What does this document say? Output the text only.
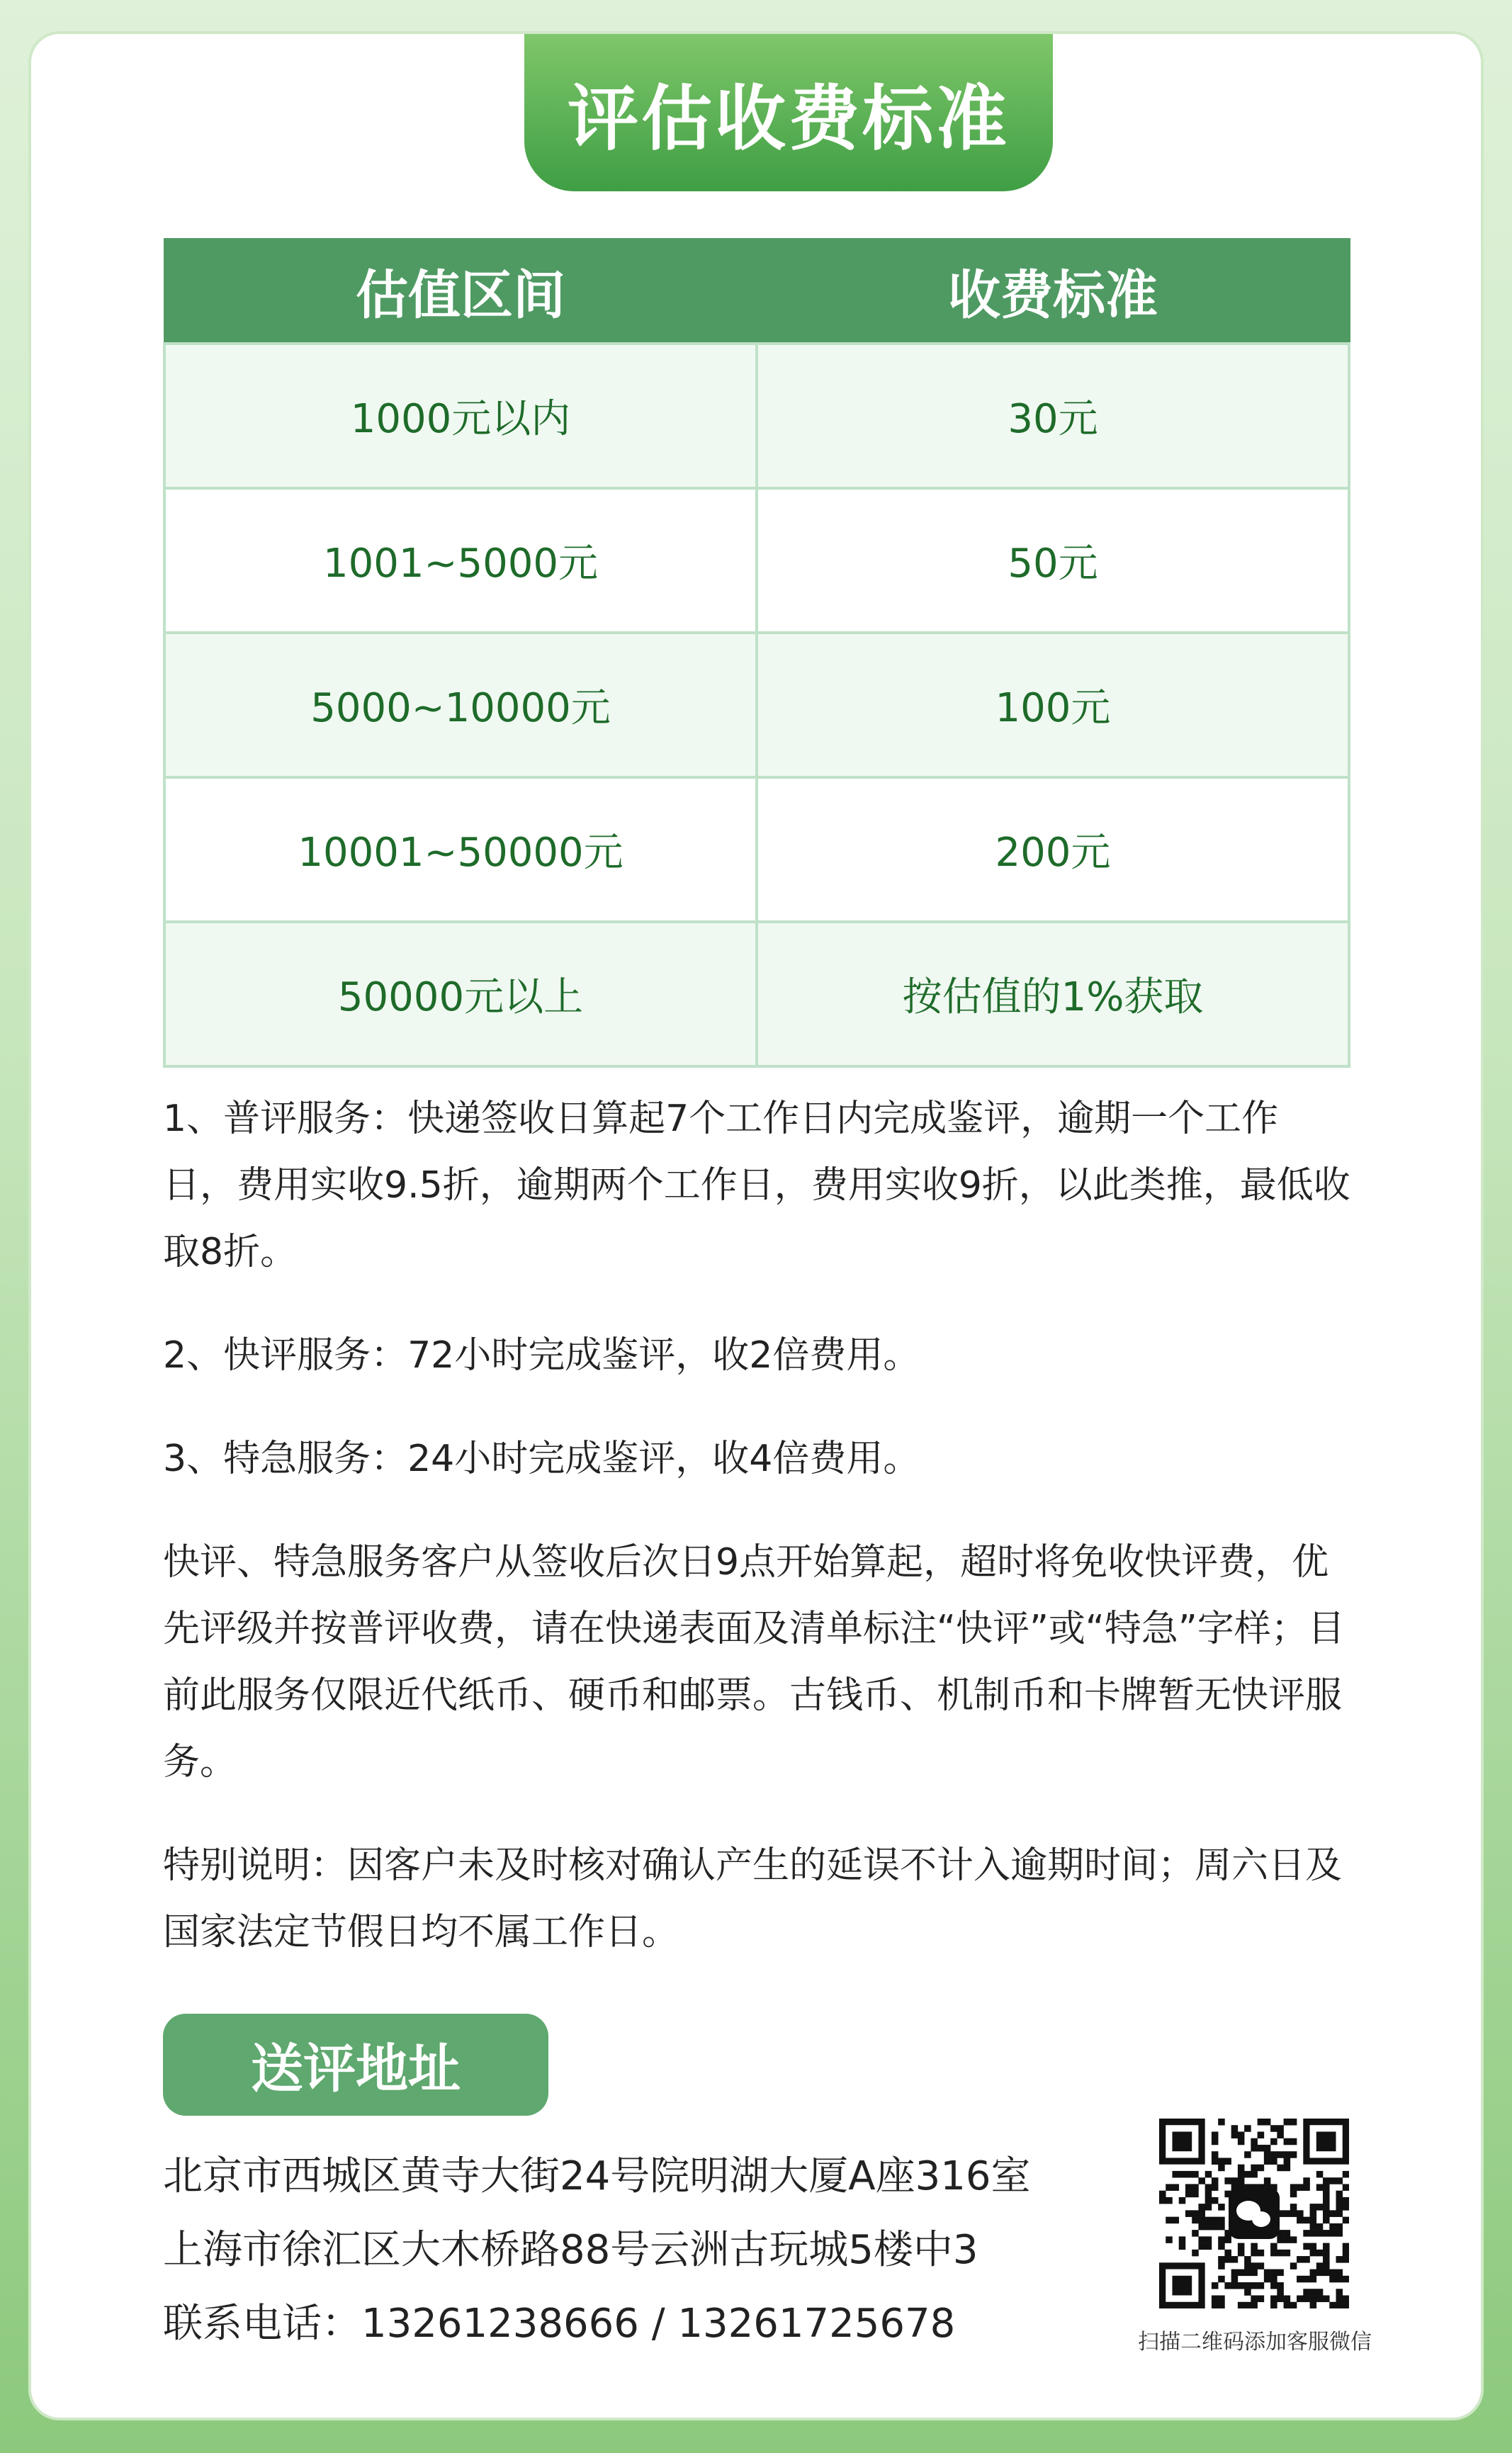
评估收费标准
估值区间	收费标准
1000元以内	30元
1001~5000元	50元
5000~10000元	100元
10001~50000元	200元
50000元以上	按估值的1%获取

1、普评服务：快递签收日算起7个工作日内完成鉴评，逾期一个工作日，费用实收9.5折，逾期两个工作日，费用实收9折，以此类推，最低收取8折。

2、快评服务：72小时完成鉴评，收2倍费用。

3、特急服务：24小时完成鉴评，收4倍费用。

快评、特急服务客户从签收后次日9点开始算起，超时将免收快评费，优先评级并按普评收费，请在快递表面及清单标注“快评”或“特急”字样；目前此服务仅限近代纸币、硬币和邮票。古钱币、机制币和卡牌暂无快评服务。

特别说明：因客户未及时核对确认产生的延误不计入逾期时间；周六日及国家法定节假日均不属工作日。

送评地址
北京市西城区黄寺大街24号院明湖大厦A座316室
上海市徐汇区大木桥路88号云洲古玩城5楼中3
联系电话：13261238666 / 13261725678	扫描二维码添加客服微信
